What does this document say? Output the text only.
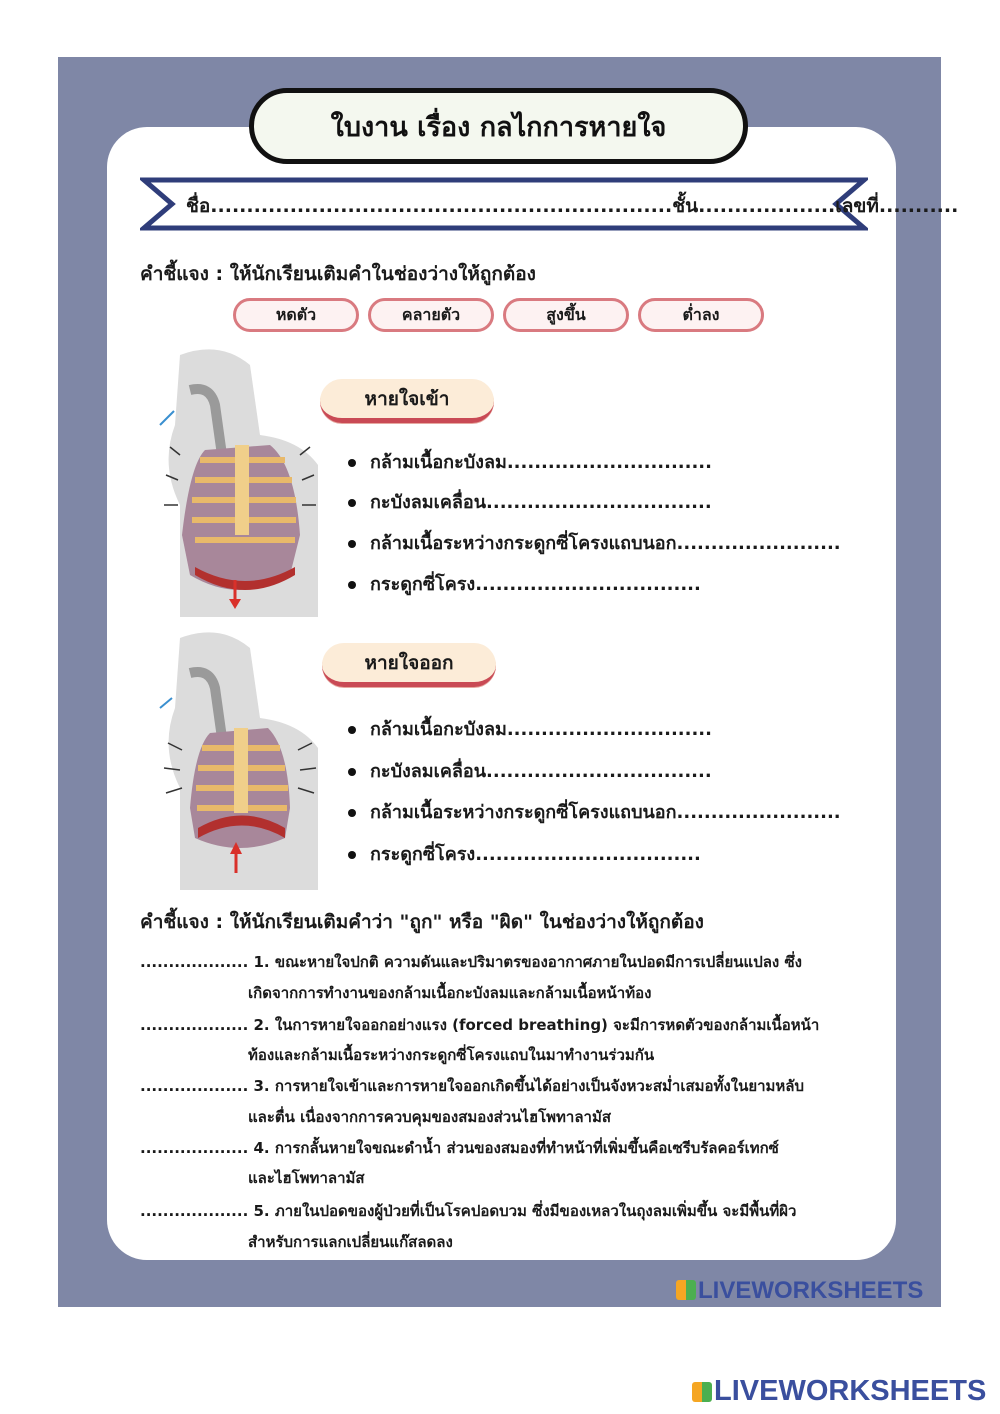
ใบงาน เรื่อง กลไกการหายใจ
ชื่อ................................................................ชั้น...................เลขที่...........
คำชี้แจง : ให้นักเรียนเติมคำในช่องว่างให้ถูกต้อง
หดตัว	คลายตัว	สูงขึ้น	ต่ำลง
หายใจเข้า
กล้ามเนื้อกะบังลม..............................
กะบังลมเคลื่อน.................................
กล้ามเนื้อระหว่างกระดูกซี่โครงแถบนอก........................
กระดูกซี่โครง.................................
หายใจออก
กล้ามเนื้อกะบังลม..............................
กะบังลมเคลื่อน.................................
กล้ามเนื้อระหว่างกระดูกซี่โครงแถบนอก........................
กระดูกซี่โครง.................................
คำชี้แจง : ให้นักเรียนเติมคำว่า "ถูก" หรือ "ผิด" ในช่องว่างให้ถูกต้อง
................... 1. ขณะหายใจปกติ ความดันและปริมาตรของอากาศภายในปอดมีการเปลี่ยนแปลง ซึ่ง
เกิดจากการทำงานของกล้ามเนื้อกะบังลมและกล้ามเนื้อหน้าท้อง
................... 2. ในการหายใจออกอย่างแรง (forced breathing) จะมีการหดตัวของกล้ามเนื้อหน้า
ท้องและกล้ามเนื้อระหว่างกระดูกซี่โครงแถบในมาทำงานร่วมกัน
................... 3. การหายใจเข้าและการหายใจออกเกิดขึ้นได้อย่างเป็นจังหวะสม่ำเสมอทั้งในยามหลับ
และตื่น เนื่องจากการควบคุมของสมองส่วนไฮโพทาลามัส
................... 4. การกลั้นหายใจขณะดำน้ำ ส่วนของสมองที่ทำหน้าที่เพิ่มขึ้นคือเซรีบรัลคอร์เทกซ์
และไฮโพทาลามัส
................... 5. ภายในปอดของผู้ป่วยที่เป็นโรคปอดบวม ซึ่งมีของเหลวในถุงลมเพิ่มขึ้น จะมีพื้นที่ผิว
สำหรับการแลกเปลี่ยนแก๊สลดลง
LIVEWORKSHEETS
LIVEWORKSHEETS
